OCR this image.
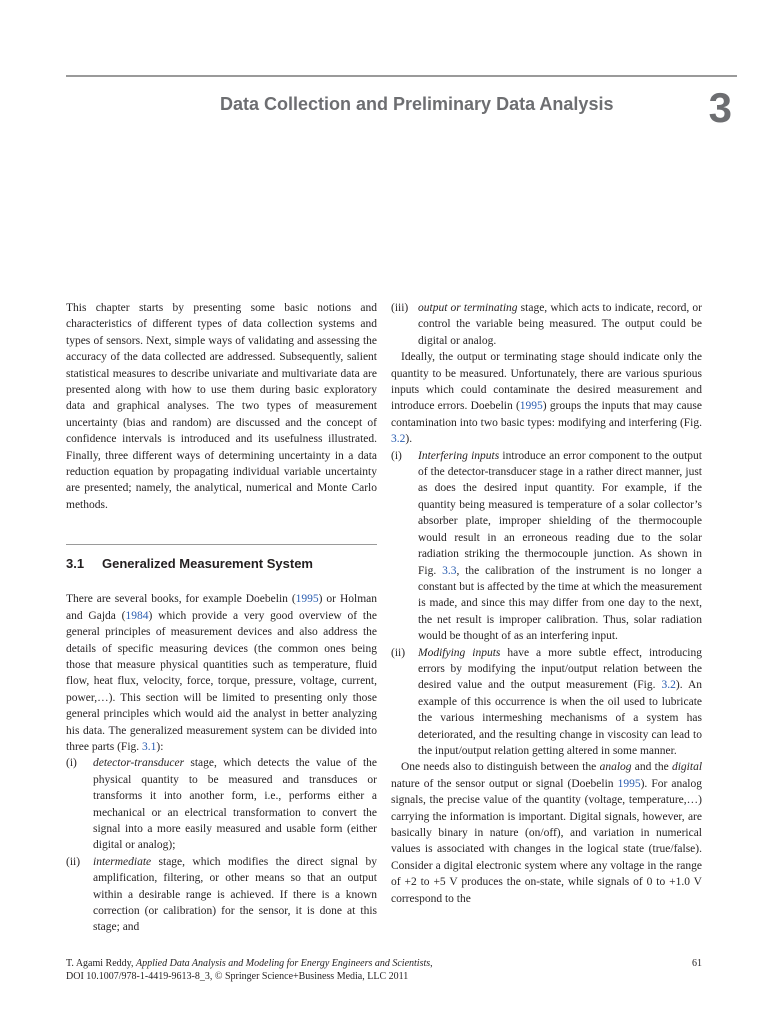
Data Collection and Preliminary Data Analysis	3

This chapter starts by presenting some basic notions and characteristics of different types of data collection systems and types of sensors. Next, simple ways of validating and assessing the accuracy of the data collected are addressed. Subsequently, salient statistical measures to describe univariate and multivariate data are presented along with how to use them during basic exploratory data and graphical analyses. The two types of measurement uncertainty (bias and random) are discussed and the concept of confidence intervals is introduced and its usefulness illustrated. Finally, three different ways of determining uncertainty in a data reduction equation by propagating individual variable uncertainty are presented; namely, the analytical, numerical and Monte Carlo methods.

3.1 Generalized Measurement System

There are several books, for example Doebelin (1995) or Holman and Gajda (1984) which provide a very good overview of the general principles of measurement devices and also address the details of specific measuring devices (the common ones being those that measure physical quantities such as temperature, fluid flow, heat flux, velocity, force, torque, pressure, voltage, current, power,…). This section will be limited to presenting only those general principles which would aid the analyst in better analyzing his data. The generalized measurement system can be divided into three parts (Fig. 3.1):

(i)	detector-transducer stage, which detects the value of the physical quantity to be measured and transduces or transforms it into another form, i.e., performs either a mechanical or an electrical transformation to convert the signal into a more easily measured and usable form (either digital or analog);
(ii)	intermediate stage, which modifies the direct signal by amplification, filtering, or other means so that an output within a desirable range is achieved. If there is a known correction (or calibration) for the sensor, it is done at this stage; and
(iii) output or terminating stage, which acts to indicate, record, or control the variable being measured. The output could be digital or analog.

Ideally, the output or terminating stage should indicate only the quantity to be measured. Unfortunately, there are various spurious inputs which could contaminate the desired measurement and introduce errors. Doebelin (1995) groups the inputs that may cause contamination into two basic types: modifying and interfering (Fig. 3.2).

(i)	Interfering inputs introduce an error component to the output of the detector-transducer stage in a rather direct manner, just as does the desired input quantity. For example, if the quantity being measured is temperature of a solar collector’s absorber plate, improper shielding of the thermocouple would result in an erroneous reading due to the solar radiation striking the thermocouple junction. As shown in Fig. 3.3, the calibration of the instrument is no longer a constant but is affected by the time at which the measurement is made, and since this may differ from one day to the next, the net result is improper calibration. Thus, solar radiation would be thought of as an interfering input.
(ii)	Modifying inputs have a more subtle effect, introducing errors by modifying the input/output relation between the desired value and the output measurement (Fig. 3.2). An example of this occurrence is when the oil used to lubricate the various intermeshing mechanisms of a system has deteriorated, and the resulting change in viscosity can lead to the input/output relation getting altered in some manner.

One needs also to distinguish between the analog and the digital nature of the sensor output or signal (Doebelin 1995). For analog signals, the precise value of the quantity (voltage, temperature,…) carrying the information is important. Digital signals, however, are basically binary in nature (on/off), and variation in numerical values is associated with changes in the logical state (true/false). Consider a digital electronic system where any voltage in the range of +2 to +5 V produces the on-state, while signals of 0 to +1.0 V correspond to the

T. Agami Reddy, Applied Data Analysis and Modeling for Energy Engineers and Scientists,
DOI 10.1007/978-1-4419-9613-8_3, © Springer Science+Business Media, LLC 2011
61
